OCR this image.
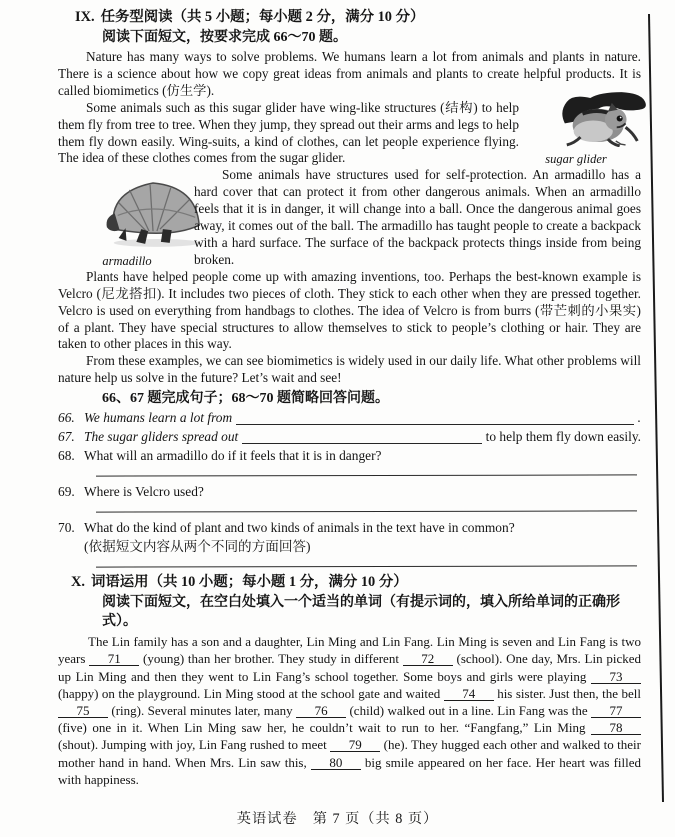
IX. 任务型阅读（共 5 小题；每小题 2 分，满分 10 分）
阅读下面短文，按要求完成 66～70 题。
Nature has many ways to solve problems. We humans learn a lot from animals and plants in nature. There is a science about how we copy great ideas from animals and plants to create helpful products. It is called biomimetics (仿生学).
sugar glider
Some animals such as this sugar glider have wing-like structures (结构) to help them fly from tree to tree. When they jump, they spread out their arms and legs to help them fly down easily. Wing-suits, a kind of clothes, can let people experience flying. The idea of these clothes comes from the sugar glider.
armadillo
Some animals have structures used for self-protection. An armadillo has a hard cover that can protect it from other dangerous animals. When an armadillo feels that it is in danger, it will change into a ball. Once the dangerous animal goes away, it comes out of the ball. The armadillo has taught people to create a backpack with a hard surface. The surface of the backpack protects things inside from being broken.
Plants have helped people come up with amazing inventions, too. Perhaps the best-known example is Velcro (尼龙搭扣). It includes two pieces of cloth. They stick to each other when they are pressed together. Velcro is used on everything from handbags to clothes. The idea of Velcro is from burrs (带芒刺的小果实) of a plant. They have special structures to allow themselves to stick to people’s clothing or hair. They are taken to other places in this way.
From these examples, we can see biomimetics is widely used in our daily life. What other problems will nature help us solve in the future? Let’s wait and see!
66、67 题完成句子；68～70 题简略回答问题。
66. We humans learn a lot from	.
67. The sugar gliders spread out	to help them fly down easily.
68. What will an armadillo do if it feels that it is in danger?
69. Where is Velcro used?
70. What do the kind of plant and two kinds of animals in the text have in common?
(依据短文内容从两个不同的方面回答)
X. 词语运用（共 10 小题；每小题 1 分，满分 10 分）
阅读下面短文，在空白处填入一个适当的单词（有提示词的，填入所给单词的正确形式）。

The Lin family has a son and a daughter, Lin Ming and Lin Fang. Lin Ming is seven and Lin Fang is two years 71 (young) than her brother. They study in different 72 (school). One day, Mrs. Lin picked up Lin Ming and then they went to Lin Fang’s school together. Some boys and girls were playing 73 (happy) on the playground. Lin Ming stood at the school gate and waited 74 his sister. Just then, the bell 75 (ring). Several minutes later, many 76 (child) walked out in a line. Lin Fang was the 77 (five) one in it. When Lin Ming saw her, he couldn’t wait to run to her. “Fangfang,” Lin Ming 78 (shout). Jumping with joy, Lin Fang rushed to meet 79 (he). They hugged each other and walked to their mother hand in hand. When Mrs. Lin saw this, 80 big smile appeared on her face. Her heart was filled with happiness.

英语试卷　第 7 页（共 8 页）
